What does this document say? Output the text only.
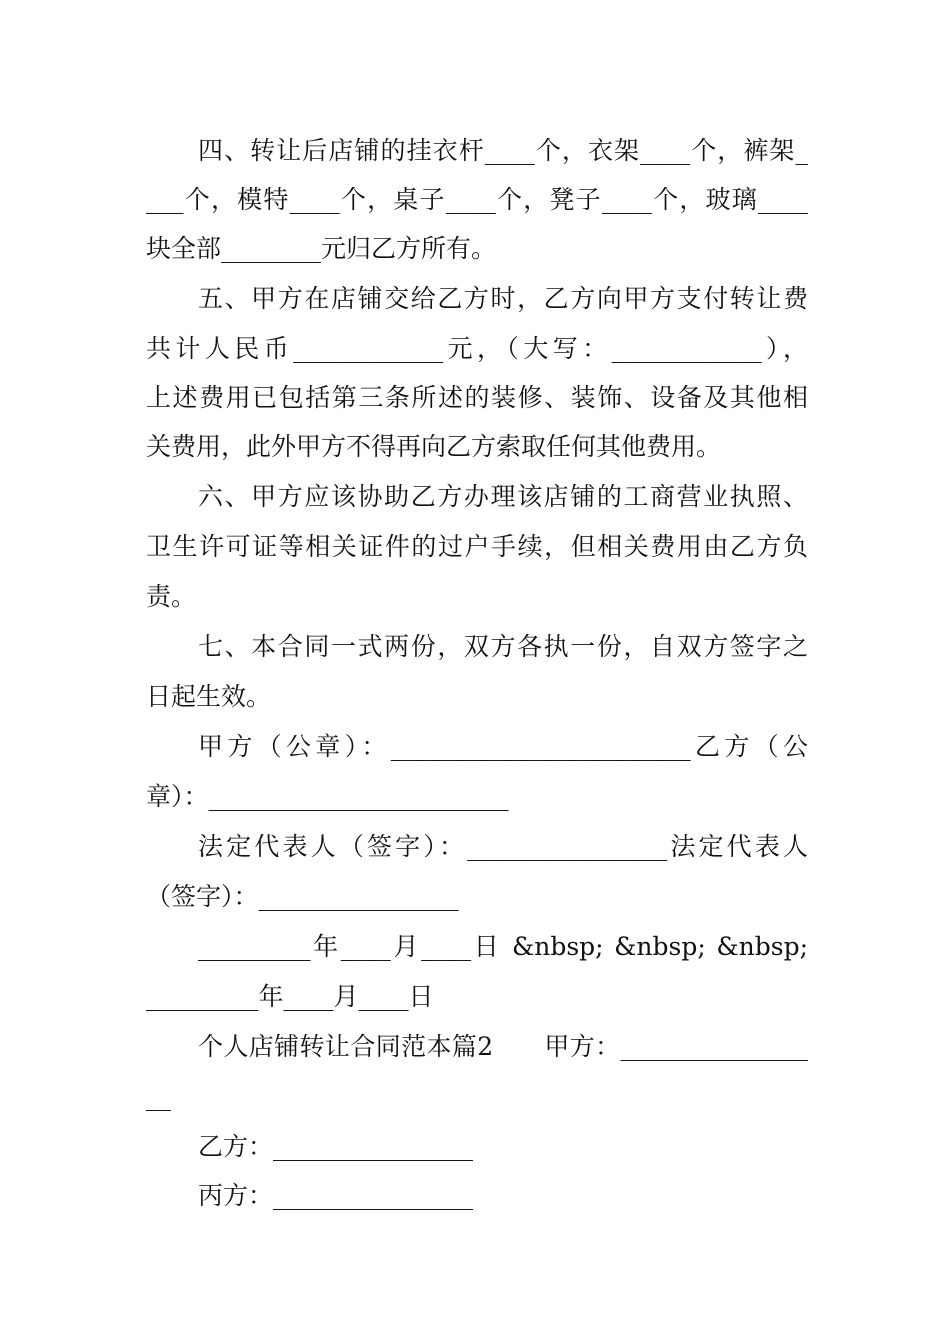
四、转让后店铺的挂衣杆____个，衣架____个，裤架_
___个，模特____个，桌子____个，凳子____个，玻璃____
块全部________元归乙方所有。
五、甲方在店铺交给乙方时，乙方向甲方支付转让费
共计人民币____________元，（大写：____________），
上述费用已包括第三条所述的装修、装饰、设备及其他相
关费用，此外甲方不得再向乙方索取任何其他费用。
六、甲方应该协助乙方办理该店铺的工商营业执照、
卫生许可证等相关证件的过户手续，但相关费用由乙方负
责。
七、本合同一式两份，双方各执一份，自双方签字之
日起生效。
甲方（公章）：________________________乙方（公
章）：________________________
法定代表人（签字）：________________法定代表人
（签字）：________________
_________年____月____日 &nbsp; &nbsp; &nbsp;
_________年____月____日
个人店铺转让合同范本篇2　　甲方：_______________
__
乙方：________________
丙方：________________
